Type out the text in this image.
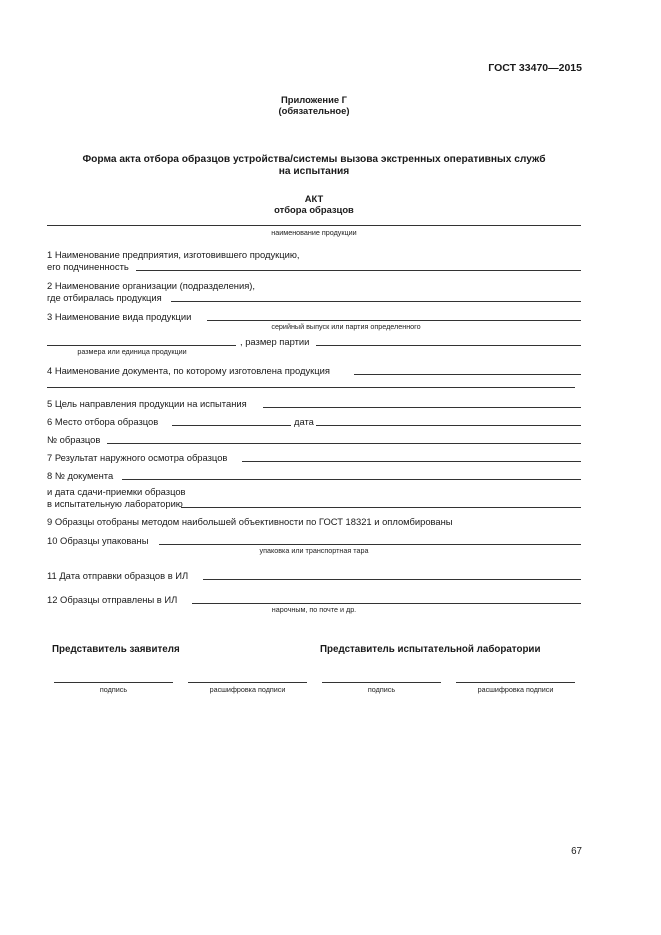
ГОСТ 33470—2015
Приложение Г
(обязательное)
Форма акта отбора образцов устройства/системы вызова экстренных оперативных служб
на испытания
АКТ
отбора образцов
наименование продукции
1 Наименование предприятия, изготовившего продукцию,
его подчиненность
2 Наименование организации (подразделения),
где отбиралась продукция
3 Наименование вида продукции
серийный выпуск или партия определенного
, размер партии
размера или единица продукции
4 Наименование документа, по которому изготовлена продукция
5 Цель направления продукции на испытания
6 Место отбора образцов	дата
№ образцов
7 Результат наружного осмотра образцов
8 № документа
и дата сдачи-приемки образцов
в испытательную лабораторию
9 Образцы отобраны методом наибольшей объективности по ГОСТ 18321 и опломбированы
10 Образцы упакованы
упаковка или транспортная тара
11 Дата отправки образцов в ИЛ
12 Образцы отправлены в ИЛ
нарочным, по почте и др.
Представитель заявителя	Представитель испытательной лаборатории
подпись	расшифровка подписи	подпись	расшифровка подписи
67
